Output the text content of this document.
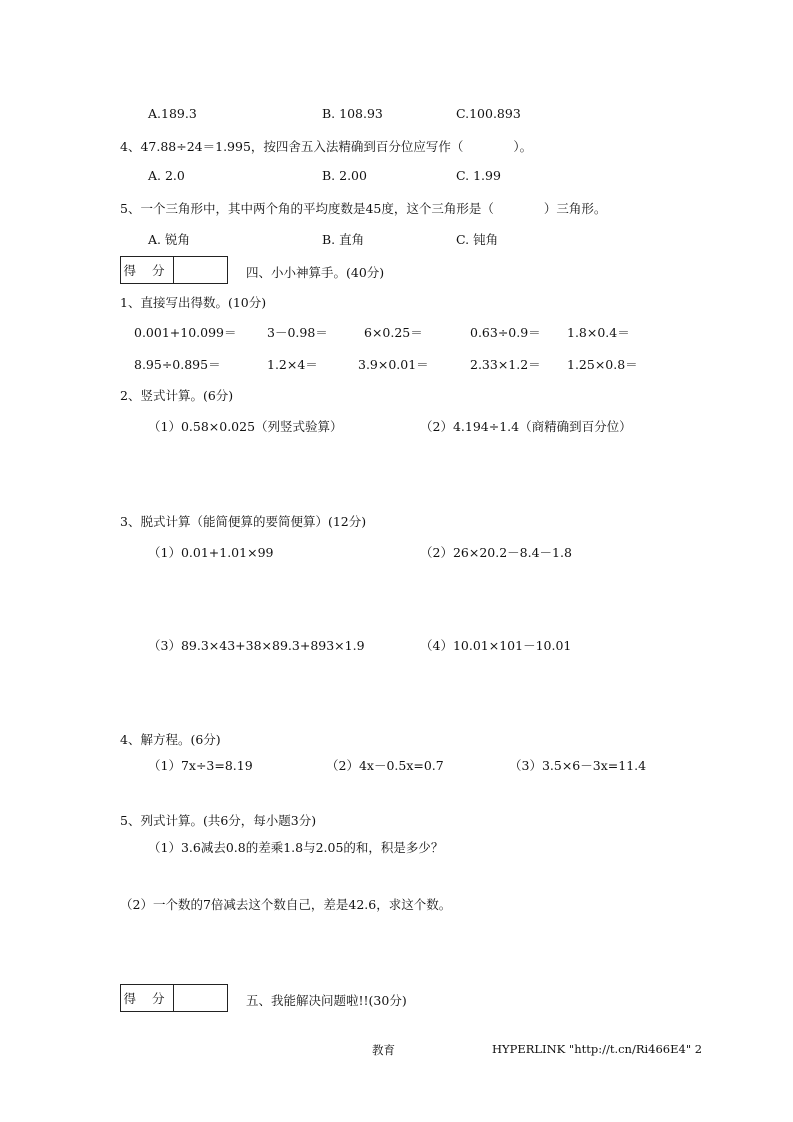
A.189.3	B. 108.93	C.100.893
4、47.88÷24＝1.995，按四舍五入法精确到百分位应写作（　　　　）。
A. 2.0	B. 2.00	C. 1.99
5、一个三角形中，其中两个角的平均度数是45度，这个三角形是（　　　　）三角形。
A. 锐角	B. 直角	C. 钝角
得 分	四、小小神算手。(40分)
1、直接写出得数。(10分)
0.001+10.099＝ 3－0.98＝	6×0.25＝	0.63÷0.9＝ 1.8×0.4＝
8.95÷0.895＝	1.2×4＝	3.9×0.01＝	2.33×1.2＝ 1.25×0.8＝
2、竖式计算。(6分)
（1）0.58×0.025（列竖式验算）	（2）4.194÷1.4（商精确到百分位）
3、脱式计算（能简便算的要简便算）(12分)
（1）0.01+1.01×99	（2）26×20.2－8.4－1.8
（3）89.3×43+38×89.3+893×1.9	（4）10.01×101－10.01
4、解方程。(6分)
（1）7x÷3=8.19	（2）4x－0.5x=0.7	（3）3.5×6－3x=11.4
5、列式计算。(共6分，每小题3分)
（1）3.6减去0.8的差乘1.8与2.05的和，积是多少？
（2）一个数的7倍减去这个数自己，差是42.6，求这个数。
得 分	五、我能解决问题啦!!(30分)
教育	HYPERLINK "http://t.cn/Ri466E4" 2
